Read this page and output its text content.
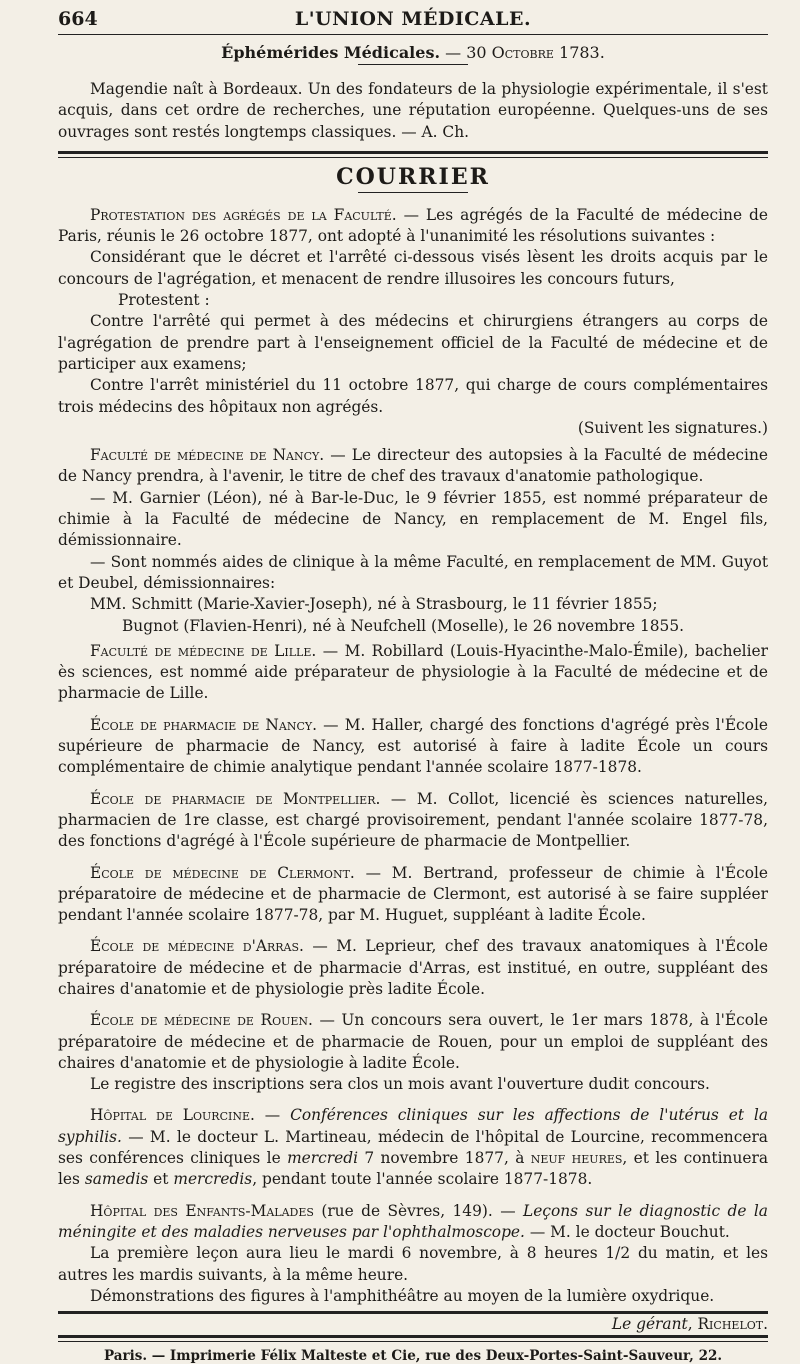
664	L'UNION MÉDICALE.
Éphémérides Médicales. — 30 Octobre 1783.

Magendie naît à Bordeaux. Un des fondateurs de la physiologie expérimentale, il s'est acquis, dans cet ordre de recherches, une réputation européenne. Quelques-uns de ses ouvrages sont restés longtemps classiques. — A. Ch.

COURRIER

Protestation des agrégés de la Faculté. — Les agrégés de la Faculté de médecine de Paris, réunis le 26 octobre 1877, ont adopté à l'unanimité les résolutions suivantes :

Considérant que le décret et l'arrêté ci-dessous visés lèsent les droits acquis par le concours de l'agrégation, et menacent de rendre illusoires les concours futurs,

Protestent :

Contre l'arrêté qui permet à des médecins et chirurgiens étrangers au corps de l'agrégation de prendre part à l'enseignement officiel de la Faculté de médecine et de participer aux examens;

Contre l'arrêt ministériel du 11 octobre 1877, qui charge de cours complémentaires trois médecins des hôpitaux non agrégés.

(Suivent les signatures.)

Faculté de médecine de Nancy. — Le directeur des autopsies à la Faculté de médecine de Nancy prendra, à l'avenir, le titre de chef des travaux d'anatomie pathologique.

— M. Garnier (Léon), né à Bar-le-Duc, le 9 février 1855, est nommé préparateur de chimie à la Faculté de médecine de Nancy, en remplacement de M. Engel fils, démissionnaire.

— Sont nommés aides de clinique à la même Faculté, en remplacement de MM. Guyot et Deubel, démissionnaires:

MM. Schmitt (Marie-Xavier-Joseph), né à Strasbourg, le 11 février 1855;

Bugnot (Flavien-Henri), né à Neufchell (Moselle), le 26 novembre 1855.

Faculté de médecine de Lille. — M. Robillard (Louis-Hyacinthe-Malo-Émile), bachelier ès sciences, est nommé aide préparateur de physiologie à la Faculté de médecine et de pharmacie de Lille.

École de pharmacie de Nancy. — M. Haller, chargé des fonctions d'agrégé près l'École supérieure de pharmacie de Nancy, est autorisé à faire à ladite École un cours complémentaire de chimie analytique pendant l'année scolaire 1877-1878.

École de pharmacie de Montpellier. — M. Collot, licencié ès sciences naturelles, pharmacien de 1re classe, est chargé provisoirement, pendant l'année scolaire 1877-78, des fonctions d'agrégé à l'École supérieure de pharmacie de Montpellier.

École de médecine de Clermont. — M. Bertrand, professeur de chimie à l'École préparatoire de médecine et de pharmacie de Clermont, est autorisé à se faire suppléer pendant l'année scolaire 1877-78, par M. Huguet, suppléant à ladite École.

École de médecine d'Arras. — M. Leprieur, chef des travaux anatomiques à l'École préparatoire de médecine et de pharmacie d'Arras, est institué, en outre, suppléant des chaires d'anatomie et de physiologie près ladite École.

École de médecine de Rouen. — Un concours sera ouvert, le 1er mars 1878, à l'École préparatoire de médecine et de pharmacie de Rouen, pour un emploi de suppléant des chaires d'anatomie et de physiologie à ladite École.

Le registre des inscriptions sera clos un mois avant l'ouverture dudit concours.

Hôpital de Lourcine. — Conférences cliniques sur les affections de l'utérus et la syphilis. — M. le docteur L. Martineau, médecin de l'hôpital de Lourcine, recommencera ses conférences cliniques le mercredi 7 novembre 1877, à neuf heures, et les continuera les samedis et mercredis, pendant toute l'année scolaire 1877-1878.

Hôpital des Enfants-Malades (rue de Sèvres, 149). — Leçons sur le diagnostic de la méningite et des maladies nerveuses par l'ophthalmoscope. — M. le docteur Bouchut.

La première leçon aura lieu le mardi 6 novembre, à 8 heures 1/2 du matin, et les autres les mardis suivants, à la même heure.

Démonstrations des figures à l'amphithéâtre au moyen de la lumière oxydrique.

Le gérant, Richelot.

Paris. — Imprimerie Félix Malteste et Cie, rue des Deux-Portes-Saint-Sauveur, 22.
